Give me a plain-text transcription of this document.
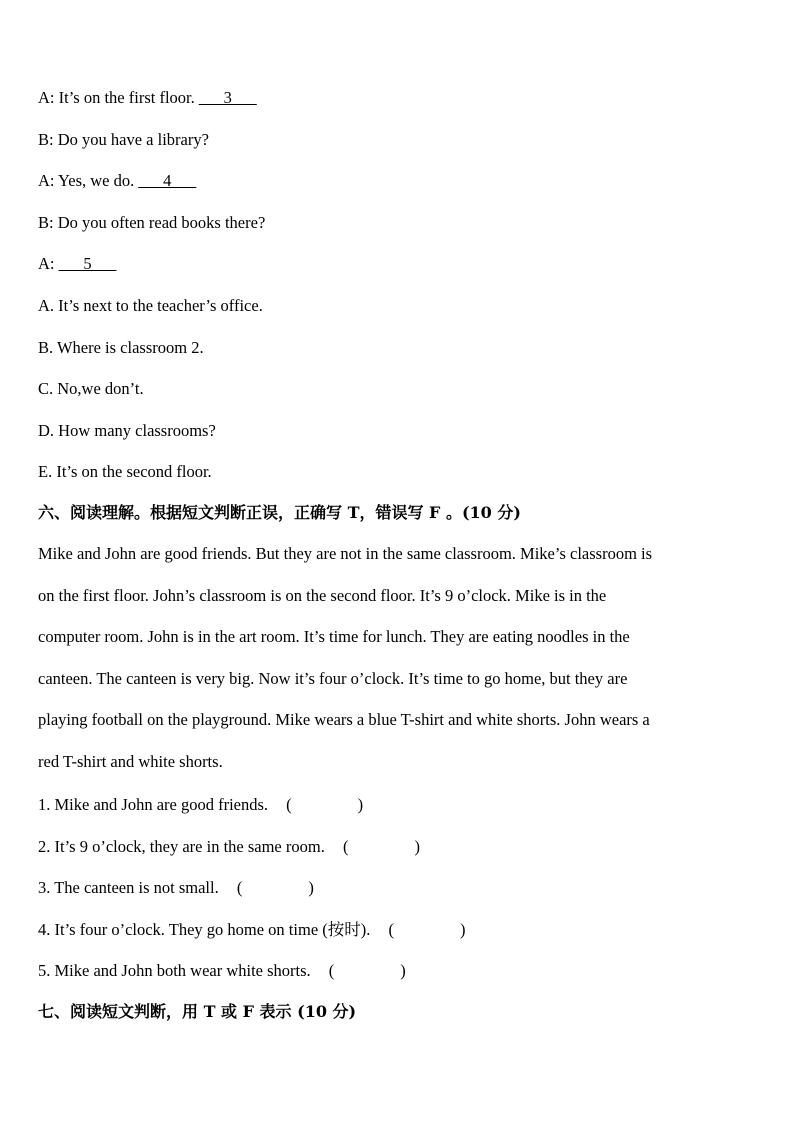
A: It’s on the first floor. ___3___
B: Do you have a library?
A: Yes, we do. ___4___
B: Do you often read books there?
A: ___5___
A. It’s next to the teacher’s office.
B. Where is classroom 2.
C. No,we don’t.
D. How many classrooms?
E. It’s on the second floor.
六、阅读理解。根据短文判断正误，正确写 T，错误写 F 。(10 分)
Mike and John are good friends. But they are not in the same classroom. Mike’s classroom is
on the first floor. John’s classroom is on the second floor. It’s 9 o’clock. Mike is in the
computer room. John is in the art room. It’s time for lunch. They are eating noodles in the
canteen. The canteen is very big. Now it’s four o’clock. It’s time to go home, but they are
playing football on the playground. Mike wears a blue T-shirt and white shorts. John wears a
red T-shirt and white shorts.
1. Mike and John are good friends. (　　　　)
2. It’s 9 o’clock, they are in the same room. (　　　　)
3. The canteen is not small. (　　　　)
4. It’s four o’clock. They go home on time (按时). (　　　　)
5. Mike and John both wear white shorts. (　　　　)
七、阅读短文判断，用 T 或 F 表示 (10 分)
